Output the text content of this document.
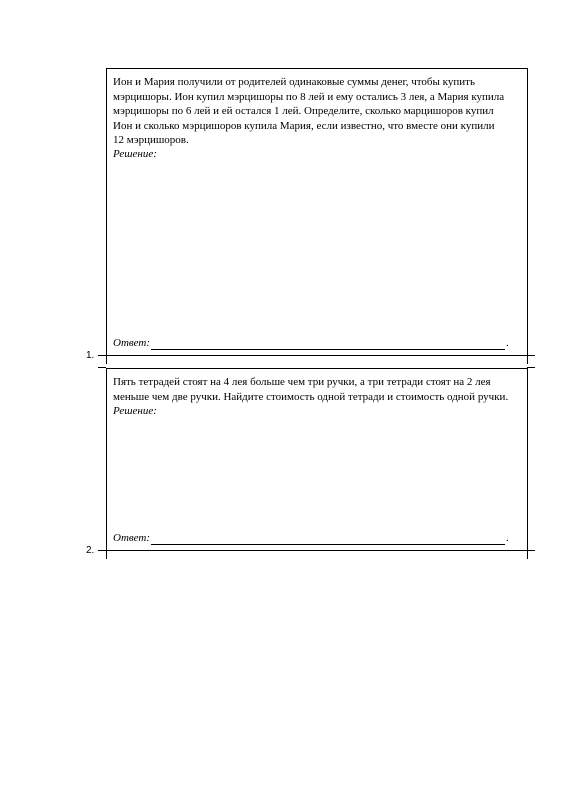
Ион и Мария получили от родителей одинаковые суммы денег, чтобы купить
мэрцишоры. Ион купил мэрцишоры по 8 лей и ему остались 3 лея, а Мария купила
мэрцишоры по 6 лей и ей остался 1 лей. Определите, сколько марцишоров купил
Ион и сколько мэрцишоров купила Мария, если известно, что вместе они купили
12 мэрцишоров.

Решение:
Ответ:	.
1.

Пять тетрадей стоят на 4 лея больше чем три ручки, а три тетради стоят на 2 лея
меньше чем две ручки. Найдите стоимость одной тетради и стоимость одной ручки.

Решение:
Ответ:	.
2.
